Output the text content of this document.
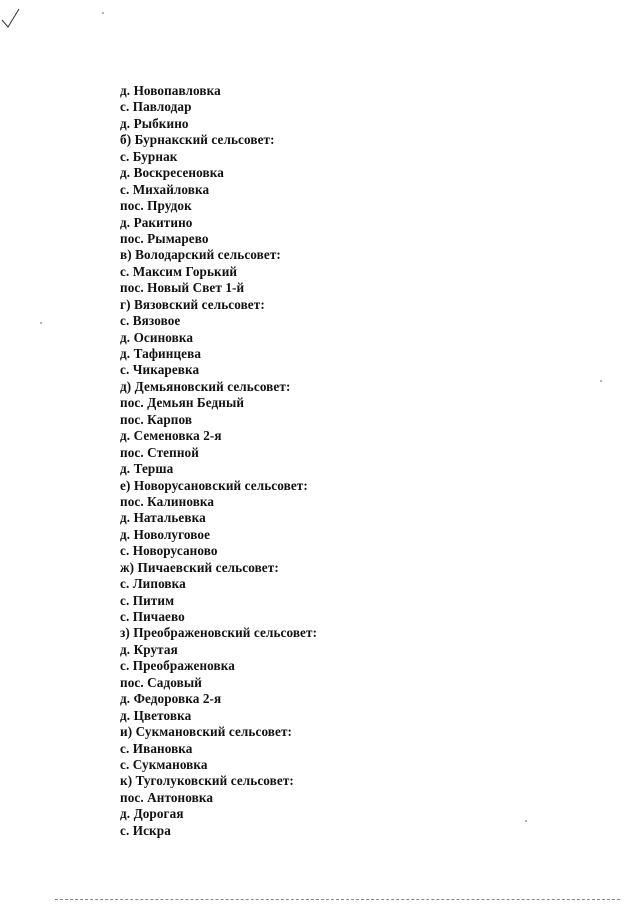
д. Новопавловка
с. Павлодар
д. Рыбкино
б) Бурнакский сельсовет:
с. Бурнак
д. Воскресеновка
с. Михайловка
пос. Прудок
д. Ракитино
пос. Рымарево
в) Володарский сельсовет:
с. Максим Горький
пос. Новый Свет 1-й
г) Вязовский сельсовет:
с. Вязовое
д. Осиновка
д. Тафинцева
с. Чикаревка
д) Демьяновский сельсовет:
пос. Демьян Бедный
пос. Карпов
д. Семеновка 2-я
пос. Степной
д. Терша
е) Новорусановский сельсовет:
пос. Калиновка
д. Натальевка
д. Новолуговое
с. Новорусаново
ж) Пичаевский сельсовет:
с. Липовка
с. Питим
с. Пичаево
з) Преображеновский сельсовет:
д. Крутая
с. Преображеновка
пос. Садовый
д. Федоровка 2-я
д. Цветовка
и) Сукмановский сельсовет:
с. Ивановка
с. Сукмановка
к) Туголуковский сельсовет:
пос. Антоновка
д. Дорогая
с. Искра
